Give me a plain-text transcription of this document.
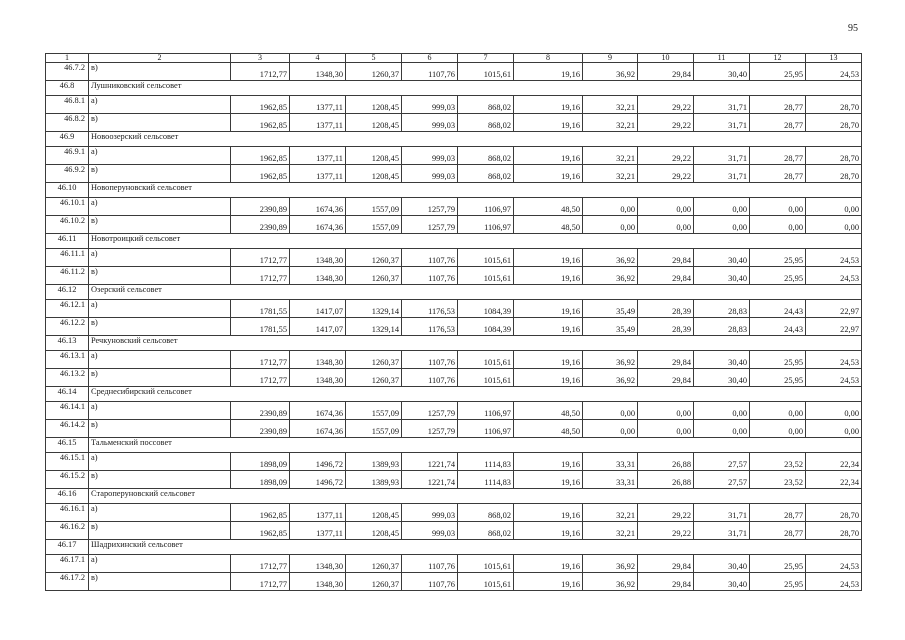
95
1	2	3	4	5	6	7	8	9	10	11	12	13
46.7.2	в)	1712,77	1348,30	1260,37	1107,76	1015,61	19,16	36,92	29,84	30,40	25,95	24,53
46.8	Лушниковский сельсовет											
46.8.1	а)	1962,85	1377,11	1208,45	999,03	868,02	19,16	32,21	29,22	31,71	28,77	28,70
46.8.2	в)	1962,85	1377,11	1208,45	999,03	868,02	19,16	32,21	29,22	31,71	28,77	28,70
46.9	Новоозерский сельсовет											
46.9.1	а)	1962,85	1377,11	1208,45	999,03	868,02	19,16	32,21	29,22	31,71	28,77	28,70
46.9.2	в)	1962,85	1377,11	1208,45	999,03	868,02	19,16	32,21	29,22	31,71	28,77	28,70
46.10	Новоперуновский сельсовет											
46.10.1	а)	2390,89	1674,36	1557,09	1257,79	1106,97	48,50	0,00	0,00	0,00	0,00	0,00
46.10.2	в)	2390,89	1674,36	1557,09	1257,79	1106,97	48,50	0,00	0,00	0,00	0,00	0,00
46.11	Новотроицкий сельсовет											
46.11.1	а)	1712,77	1348,30	1260,37	1107,76	1015,61	19,16	36,92	29,84	30,40	25,95	24,53
46.11.2	в)	1712,77	1348,30	1260,37	1107,76	1015,61	19,16	36,92	29,84	30,40	25,95	24,53
46.12	Озерский сельсовет											
46.12.1	а)	1781,55	1417,07	1329,14	1176,53	1084,39	19,16	35,49	28,39	28,83	24,43	22,97
46.12.2	в)	1781,55	1417,07	1329,14	1176,53	1084,39	19,16	35,49	28,39	28,83	24,43	22,97
46.13	Речкуновский сельсовет											
46.13.1	а)	1712,77	1348,30	1260,37	1107,76	1015,61	19,16	36,92	29,84	30,40	25,95	24,53
46.13.2	в)	1712,77	1348,30	1260,37	1107,76	1015,61	19,16	36,92	29,84	30,40	25,95	24,53
46.14	Среднесибирский сельсовет											
46.14.1	а)	2390,89	1674,36	1557,09	1257,79	1106,97	48,50	0,00	0,00	0,00	0,00	0,00
46.14.2	в)	2390,89	1674,36	1557,09	1257,79	1106,97	48,50	0,00	0,00	0,00	0,00	0,00
46.15	Тальменский поссовет											
46.15.1	а)	1898,09	1496,72	1389,93	1221,74	1114,83	19,16	33,31	26,88	27,57	23,52	22,34
46.15.2	в)	1898,09	1496,72	1389,93	1221,74	1114,83	19,16	33,31	26,88	27,57	23,52	22,34
46.16	Староперуновский сельсовет											
46.16.1	а)	1962,85	1377,11	1208,45	999,03	868,02	19,16	32,21	29,22	31,71	28,77	28,70
46.16.2	в)	1962,85	1377,11	1208,45	999,03	868,02	19,16	32,21	29,22	31,71	28,77	28,70
46.17	Шадрихинский сельсовет											
46.17.1	а)	1712,77	1348,30	1260,37	1107,76	1015,61	19,16	36,92	29,84	30,40	25,95	24,53
46.17.2	в)	1712,77	1348,30	1260,37	1107,76	1015,61	19,16	36,92	29,84	30,40	25,95	24,53
